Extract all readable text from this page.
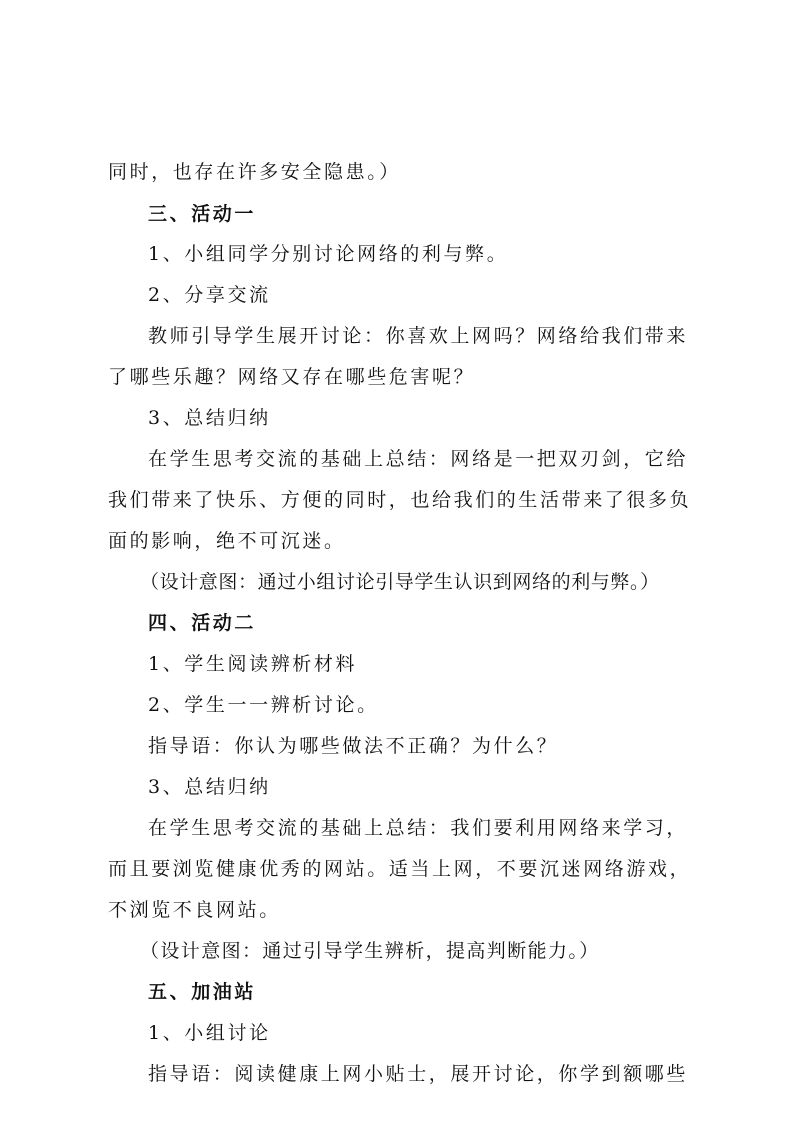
同时，也存在许多安全隐患。）
三、活动一
1、小组同学分别讨论网络的利与弊。
2、分享交流
教师引导学生展开讨论：你喜欢上网吗？网络给我们带来
了哪些乐趣？网络又存在哪些危害呢？
3、总结归纳
在学生思考交流的基础上总结：网络是一把双刃剑，它给
我们带来了快乐、方便的同时，也给我们的生活带来了很多负
面的影响，绝不可沉迷。
（设计意图：通过小组讨论引导学生认识到网络的利与弊。）
四、活动二
1、学生阅读辨析材料
2、学生一一辨析讨论。
指导语：你认为哪些做法不正确？为什么？
3、总结归纳
在学生思考交流的基础上总结：我们要利用网络来学习，
而且要浏览健康优秀的网站。适当上网，不要沉迷网络游戏，
不浏览不良网站。
（设计意图：通过引导学生辨析，提高判断能力。）
五、加油站
1、小组讨论
指导语：阅读健康上网小贴士，展开讨论，你学到额哪些
